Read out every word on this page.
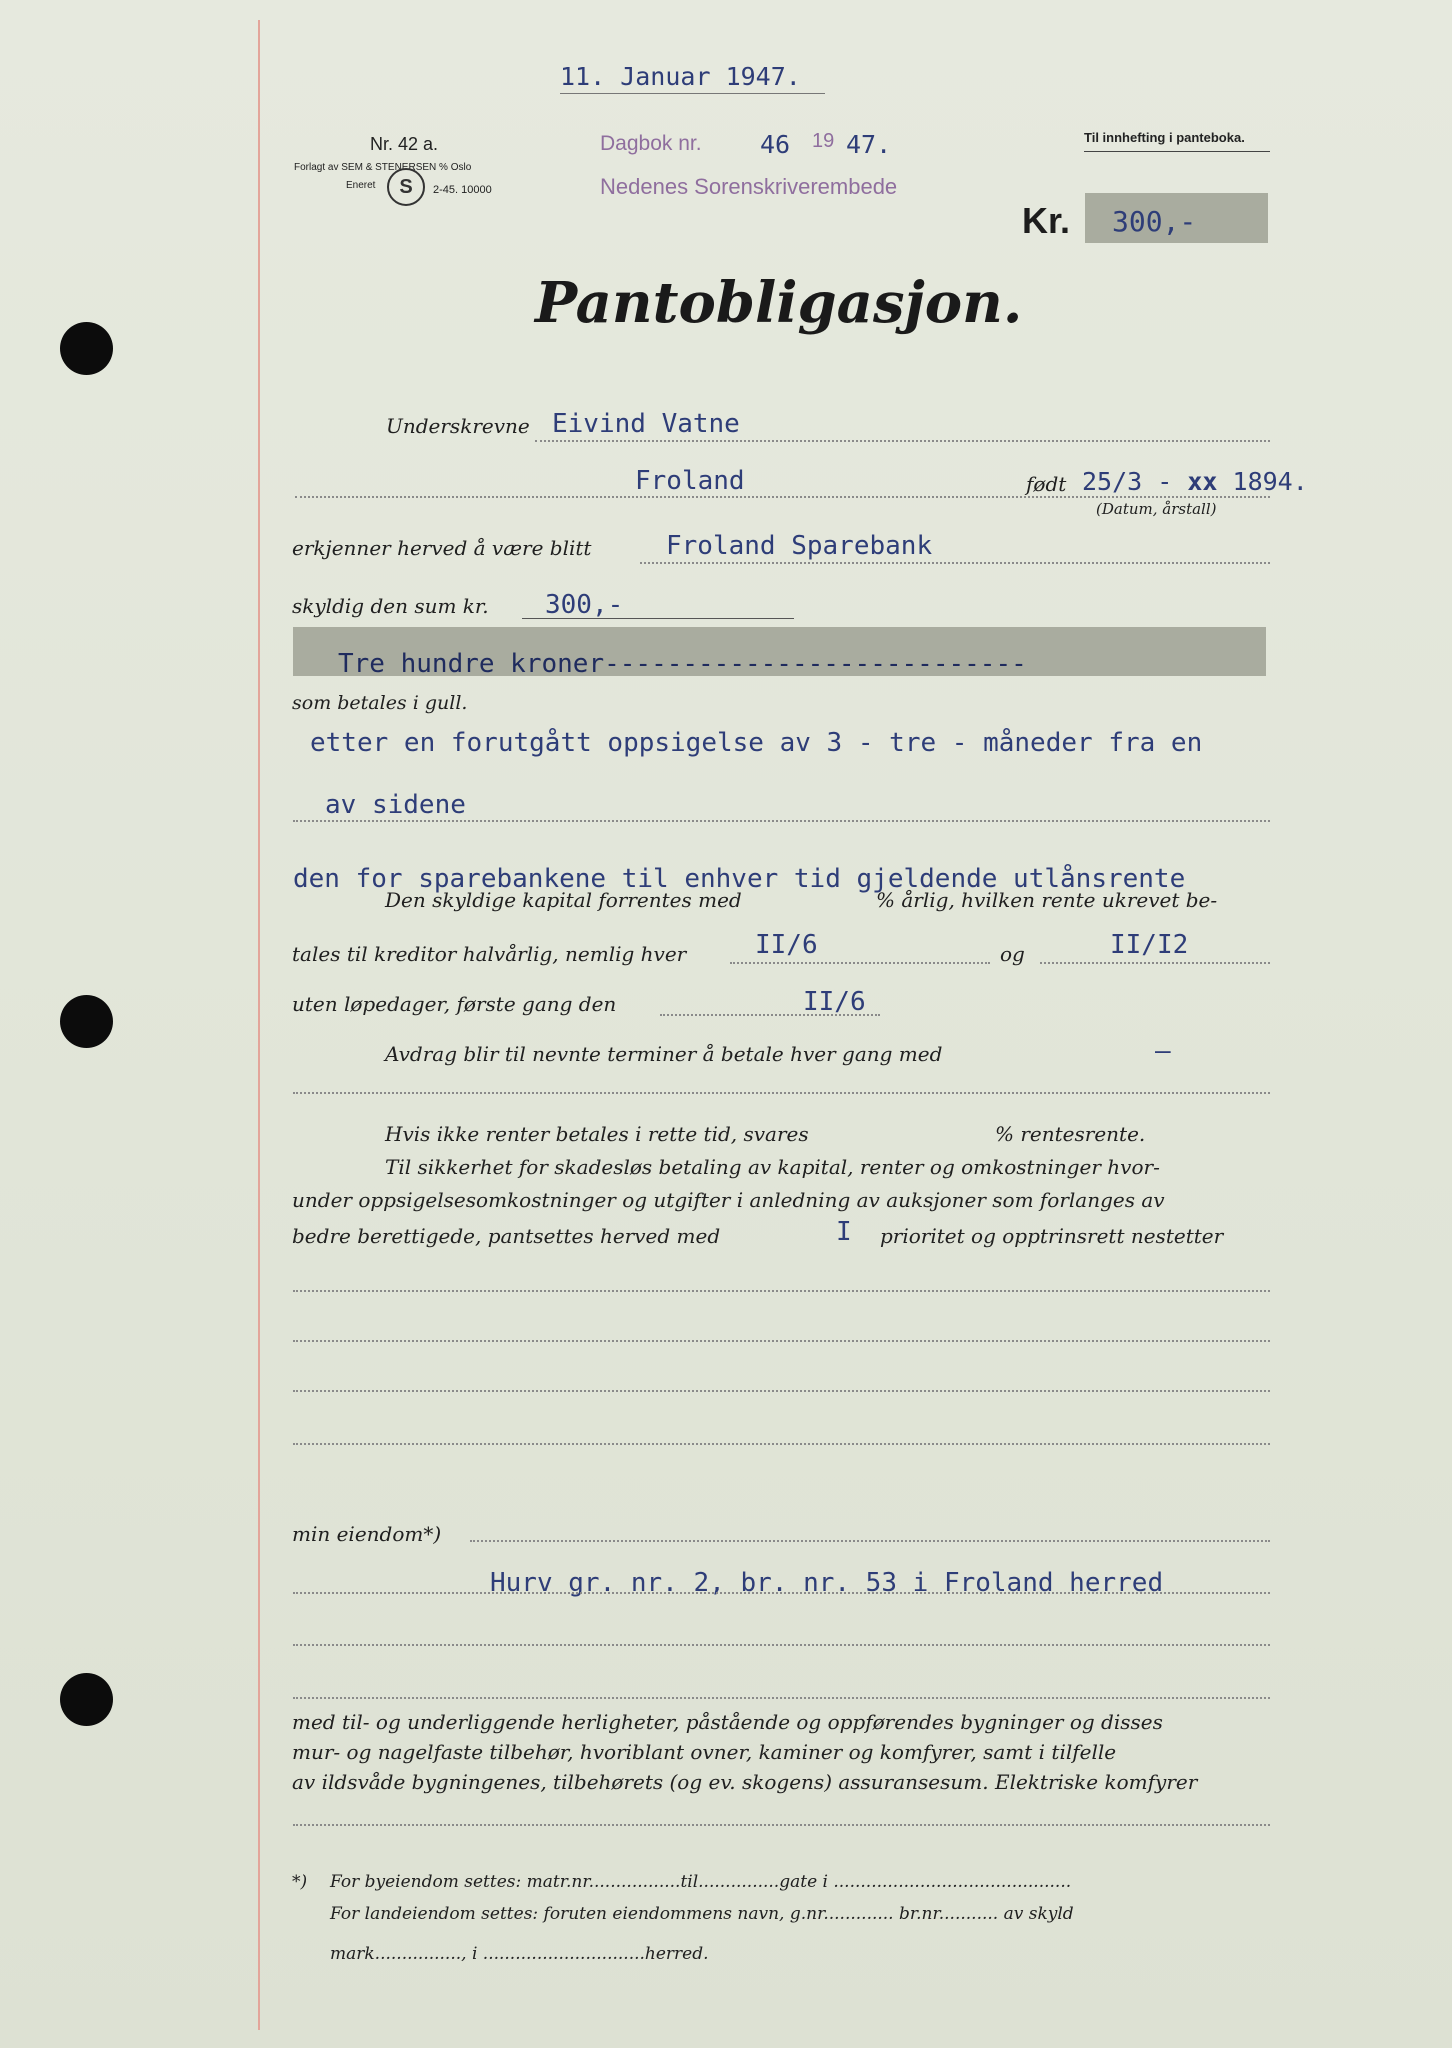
11. Januar 1947.
Nr. 42 a.
Forlagt av SEM & STENERSEN % Oslo
Eneret	S	2-45. 10000
Dagbok nr. 46 19 47.
Nedenes Sorenskriverembede
Til innhefting i panteboka.
Kr. 300,-
Pantobligasjon.
Underskrevne Eivind Vatne
Froland	født 25/3 - xx 1894.
(Datum, årstall)
erkjenner herved å være blitt	Froland Sparebank
skyldig den sum kr. 300,-
Tre hundre kroner---------------------------
som betales i gull.
etter en forutgått oppsigelse av 3 - tre - måneder fra en
av sidene
den for sparebankene til enhver tid gjeldende utlånsrente
Den skyldige kapital forrentes med	% årlig, hvilken rente ukrevet be-
tales til kreditor halvårlig, nemlig hver	II/6	og	II/I2
uten løpedager, første gang den	II/6
Avdrag blir til nevnte terminer å betale hver gang med	–
Hvis ikke renter betales i rette tid, svares	% rentesrente.
Til sikkerhet for skadesløs betaling av kapital, renter og omkostninger hvor-
under oppsigelsesomkostninger og utgifter i anledning av auksjoner som forlanges av
bedre berettigede, pantsettes herved med	I prioritet og opptrinsrett nestetter
min eiendom*)
Hurv gr. nr. 2, br. nr. 53 i Froland herred
med til- og underliggende herligheter, påstående og oppførendes bygninger og disses
mur- og nagelfaste tilbehør, hvoriblant ovner, kaminer og komfyrer, samt i tilfelle
av ildsvåde bygningenes, tilbehørets (og ev. skogens) assuransesum. Elektriske komfyrer
*) For byeiendom settes: matr.nr.................til...............gate i ............................................
For landeiendom settes: foruten eiendommens navn, g.nr............. br.nr........... av skyld
mark................, i ..............................herred.
